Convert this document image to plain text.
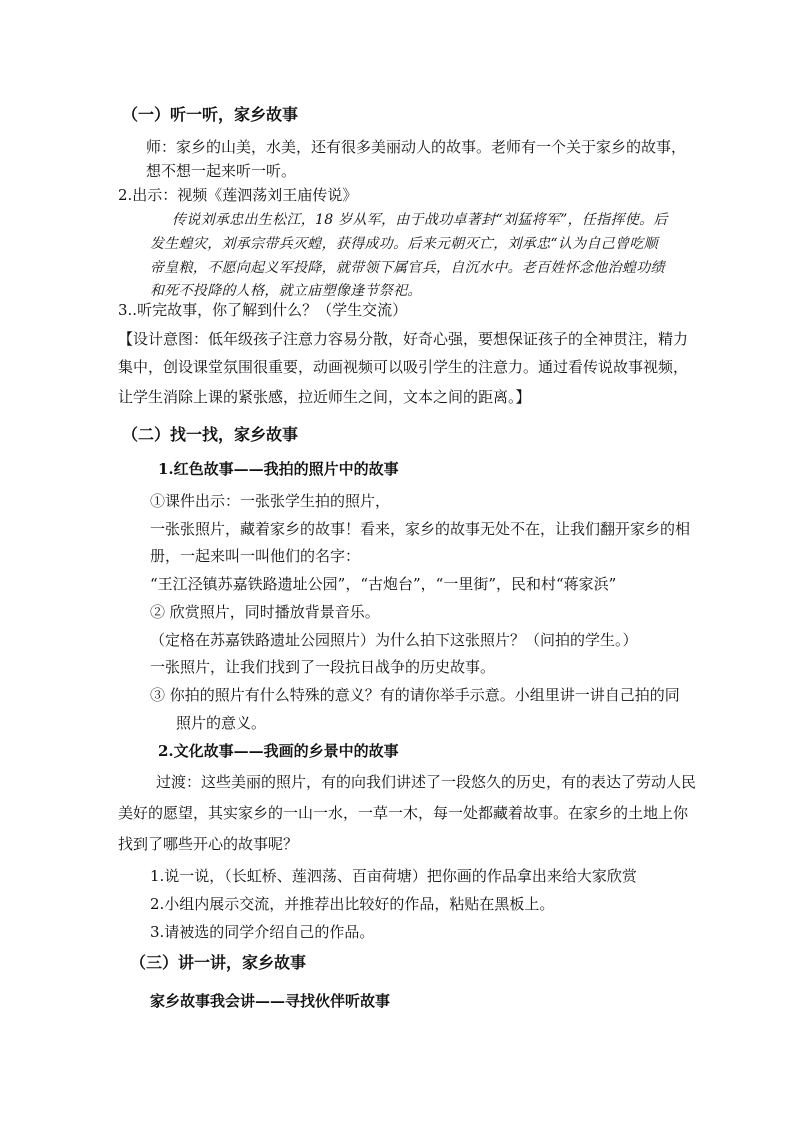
（一）听一听，家乡故事
师：家乡的山美，水美，还有很多美丽动人的故事。老师有一个关于家乡的故事，
想不想一起来听一听。
2.出示：视频《莲泗荡刘王庙传说》
传说刘承忠出生松江，18 岁从军，由于战功卓著封“刘猛将军”，任指挥使。后
发生蝗灾，刘承宗带兵灭蝗，获得成功。后来元朝灭亡，刘承忠“认为自己曾吃顺
帝皇粮，不愿向起义军投降，就带领下属官兵，自沉水中。老百姓怀念他治蝗功绩
和死不投降的人格，就立庙塑像逢节祭祀。
3..听完故事，你了解到什么？（学生交流）
【设计意图：低年级孩子注意力容易分散，好奇心强，要想保证孩子的全神贯注，精力
集中，创设课堂氛围很重要，动画视频可以吸引学生的注意力。通过看传说故事视频，
让学生消除上课的紧张感，拉近师生之间，文本之间的距离。】
（二）找一找，家乡故事
1.红色故事——我拍的照片中的故事
①课件出示：一张张学生拍的照片，
一张张照片，藏着家乡的故事！看来，家乡的故事无处不在，让我们翻开家乡的相
册，一起来叫一叫他们的名字：
“王江泾镇苏嘉铁路遗址公园”，“古炮台”，“一里街”，民和村“蒋家浜”
② 欣赏照片，同时播放背景音乐。
（定格在苏嘉铁路遗址公园照片）为什么拍下这张照片？（问拍的学生。）
一张照片，让我们找到了一段抗日战争的历史故事。
③ 你拍的照片有什么特殊的意义？有的请你举手示意。小组里讲一讲自己拍的同
照片的意义。
2.文化故事——我画的乡景中的故事
过渡：这些美丽的照片，有的向我们讲述了一段悠久的历史，有的表达了劳动人民
美好的愿望，其实家乡的一山一水，一草一木，每一处都藏着故事。在家乡的土地上你
找到了哪些开心的故事呢？
1.说一说，（长虹桥、莲泗荡、百亩荷塘）把你画的作品拿出来给大家欣赏
2.小组内展示交流，并推荐出比较好的作品，粘贴在黑板上。
3.请被选的同学介绍自己的作品。
（三）讲一讲，家乡故事
家乡故事我会讲——寻找伙伴听故事
